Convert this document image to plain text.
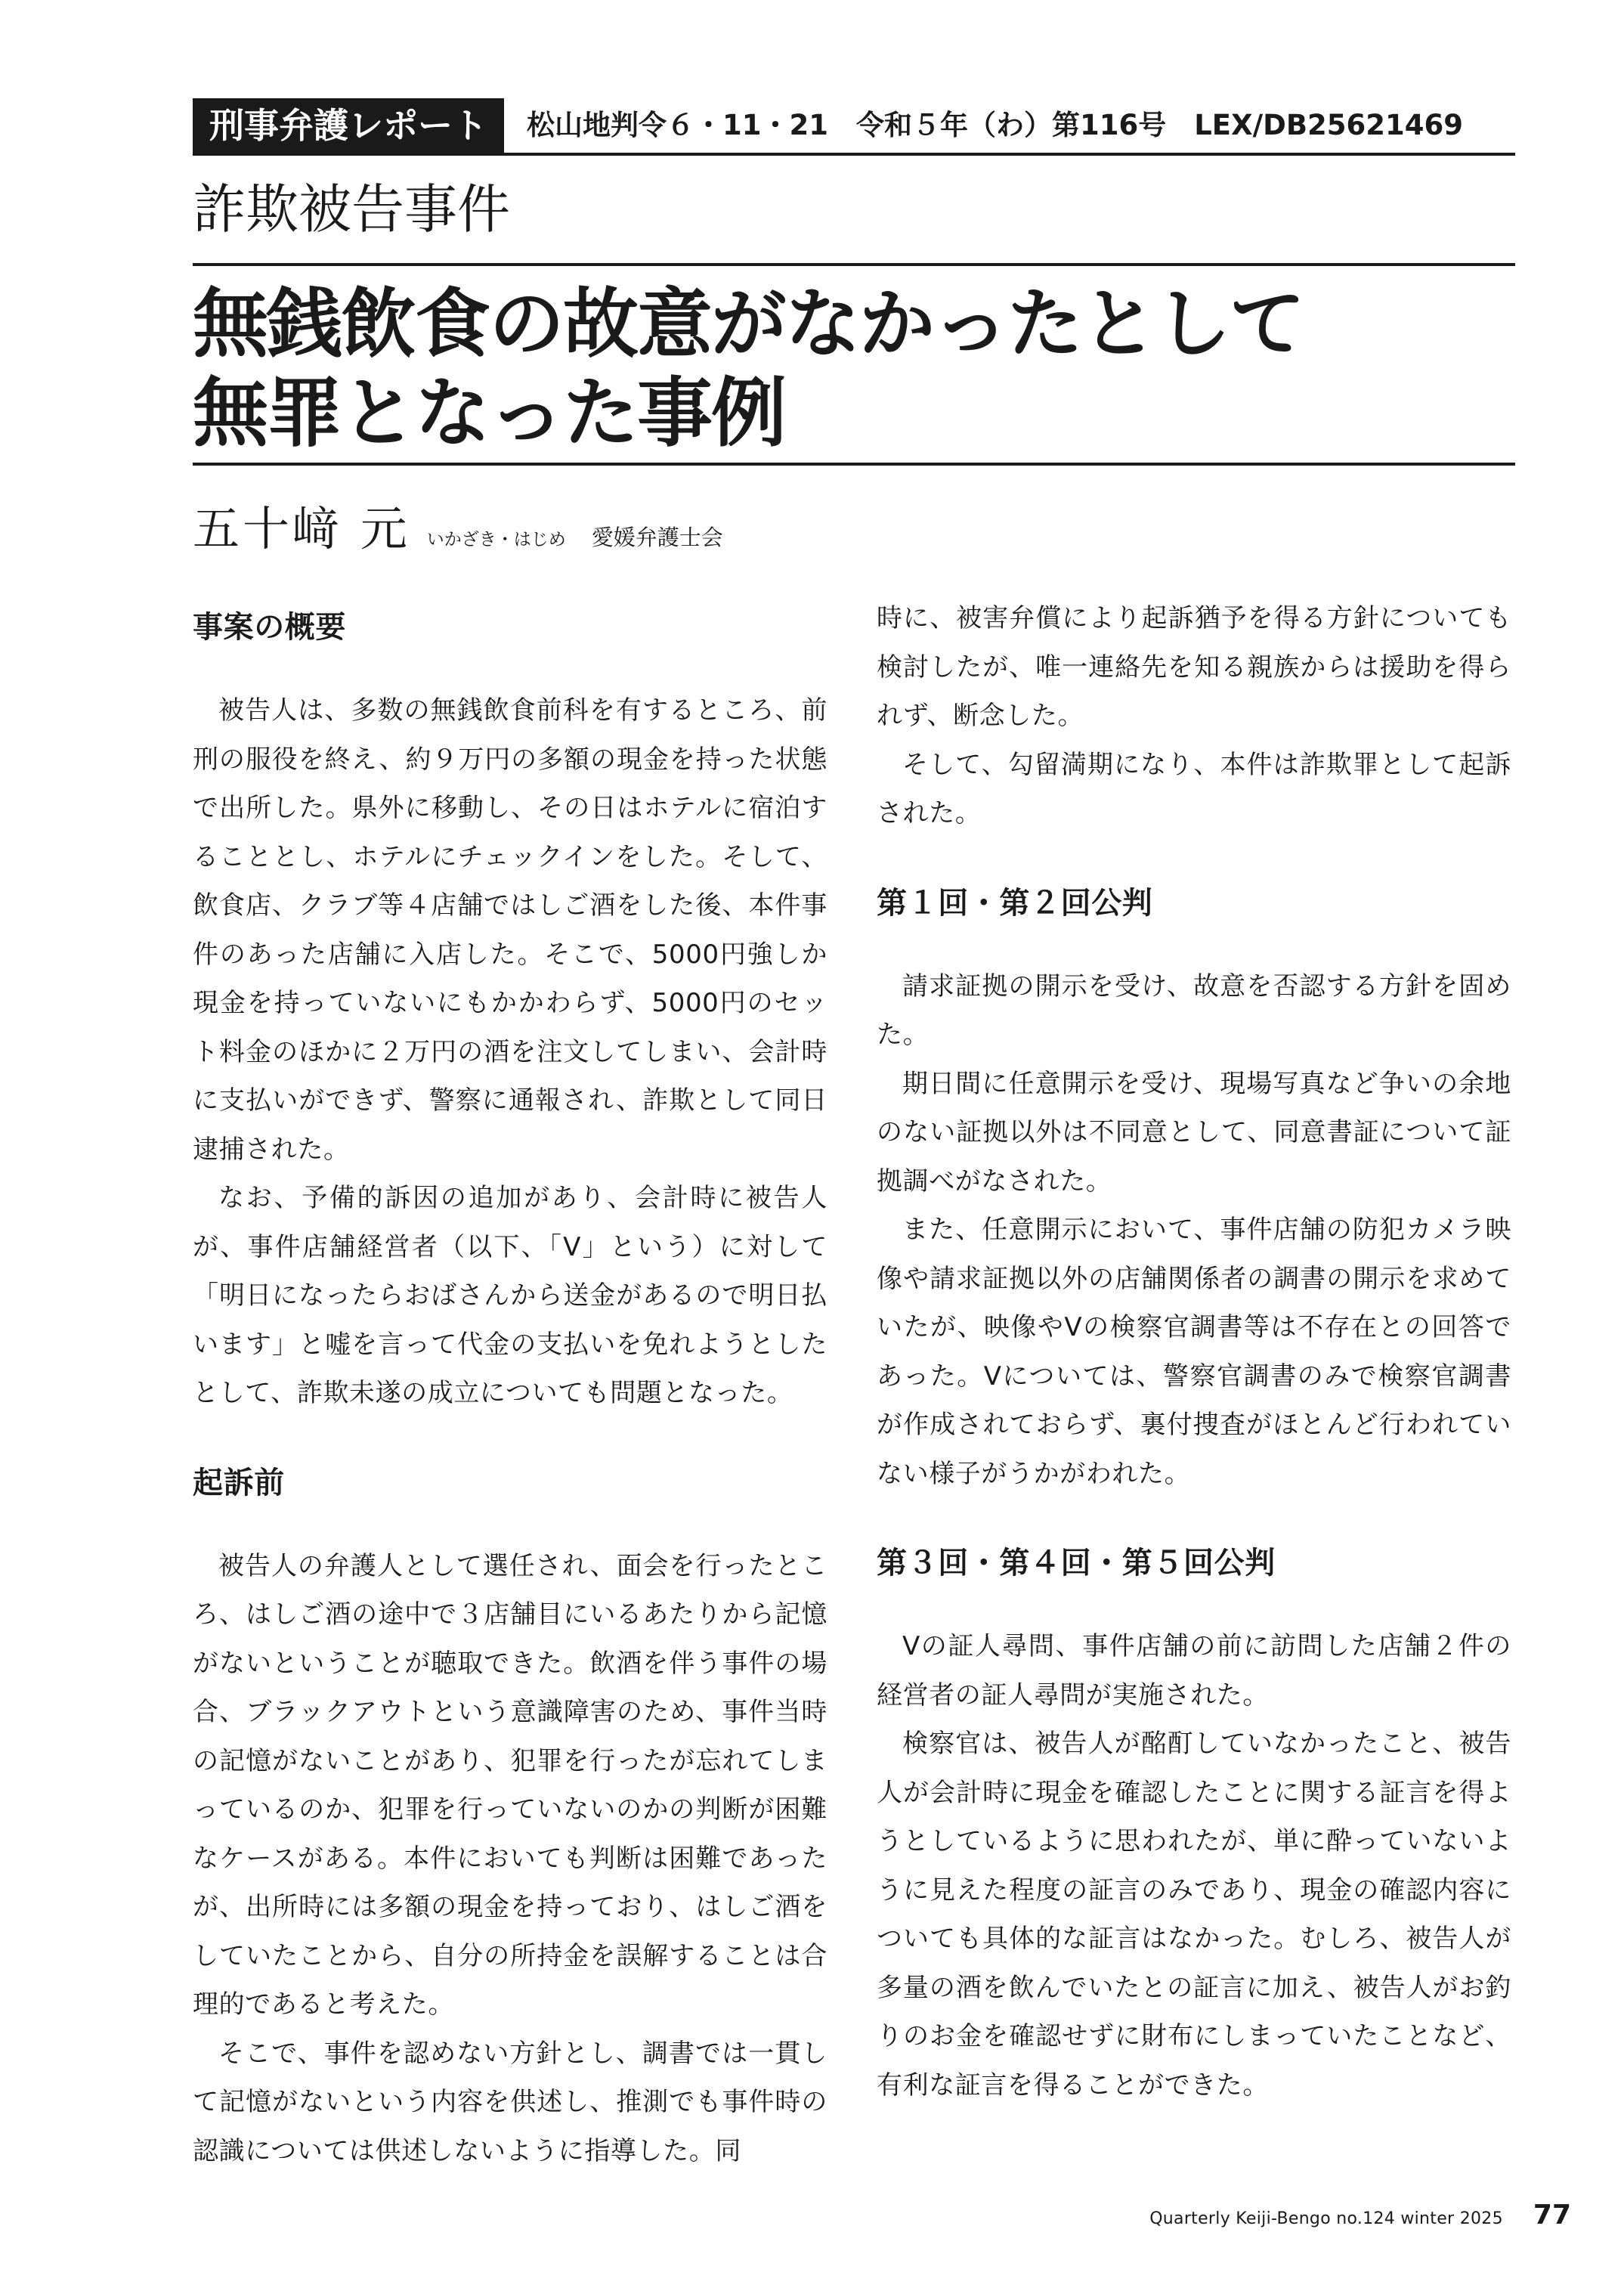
刑事弁護レポート	松山地判令６・11・21　令和５年（わ）第116号　LEX/DB25621469
詐欺被告事件
無銭飲食の故意がなかったとして
無罪となった事例
五十﨑 元 いかざき・はじめ 愛媛弁護士会
事案の概要

被告人は、多数の無銭飲食前科を有するところ、前刑の服役を終え、約９万円の多額の現金を持った状態で出所した。県外に移動し、その日はホテルに宿泊することとし、ホテルにチェックインをした。そして、飲食店、クラブ等４店舗ではしご酒をした後、本件事件のあった店舗に入店した。そこで、5000円強しか現金を持っていないにもかかわらず、5000円のセット料金のほかに２万円の酒を注文してしまい、会計時に支払いができず、警察に通報され、詐欺として同日逮捕された。

なお、予備的訴因の追加があり、会計時に被告人が、事件店舗経営者（以下、「V」という）に対して「明日になったらおばさんから送金があるので明日払います」と嘘を言って代金の支払いを免れようとしたとして、詐欺未遂の成立についても問題となった。

起訴前

被告人の弁護人として選任され、面会を行ったところ、はしご酒の途中で３店舗目にいるあたりから記憶がないということが聴取できた。飲酒を伴う事件の場合、ブラックアウトという意識障害のため、事件当時の記憶がないことがあり、犯罪を行ったが忘れてしまっているのか、犯罪を行っていないのかの判断が困難なケースがある。本件においても判断は困難であったが、出所時には多額の現金を持っており、はしご酒をしていたことから、自分の所持金を誤解することは合理的であると考えた。

そこで、事件を認めない方針とし、調書では一貫して記憶がないという内容を供述し、推測でも事件時の認識については供述しないように指導した。同

時に、被害弁償により起訴猶予を得る方針についても検討したが、唯一連絡先を知る親族からは援助を得られず、断念した。

そして、勾留満期になり、本件は詐欺罪として起訴された。

第１回・第２回公判

請求証拠の開示を受け、故意を否認する方針を固めた。

期日間に任意開示を受け、現場写真など争いの余地のない証拠以外は不同意として、同意書証について証拠調べがなされた。

また、任意開示において、事件店舗の防犯カメラ映像や請求証拠以外の店舗関係者の調書の開示を求めていたが、映像やVの検察官調書等は不存在との回答であった。Vについては、警察官調書のみで検察官調書が作成されておらず、裏付捜査がほとんど行われていない様子がうかがわれた。

第３回・第４回・第５回公判

Vの証人尋問、事件店舗の前に訪問した店舗２件の経営者の証人尋問が実施された。

検察官は、被告人が酩酊していなかったこと、被告人が会計時に現金を確認したことに関する証言を得ようとしているように思われたが、単に酔っていないように見えた程度の証言のみであり、現金の確認内容についても具体的な証言はなかった。むしろ、被告人が多量の酒を飲んでいたとの証言に加え、被告人がお釣りのお金を確認せずに財布にしまっていたことなど、有利な証言を得ることができた。

Quarterly Keiji-Bengo no.124 winter 2025 77
